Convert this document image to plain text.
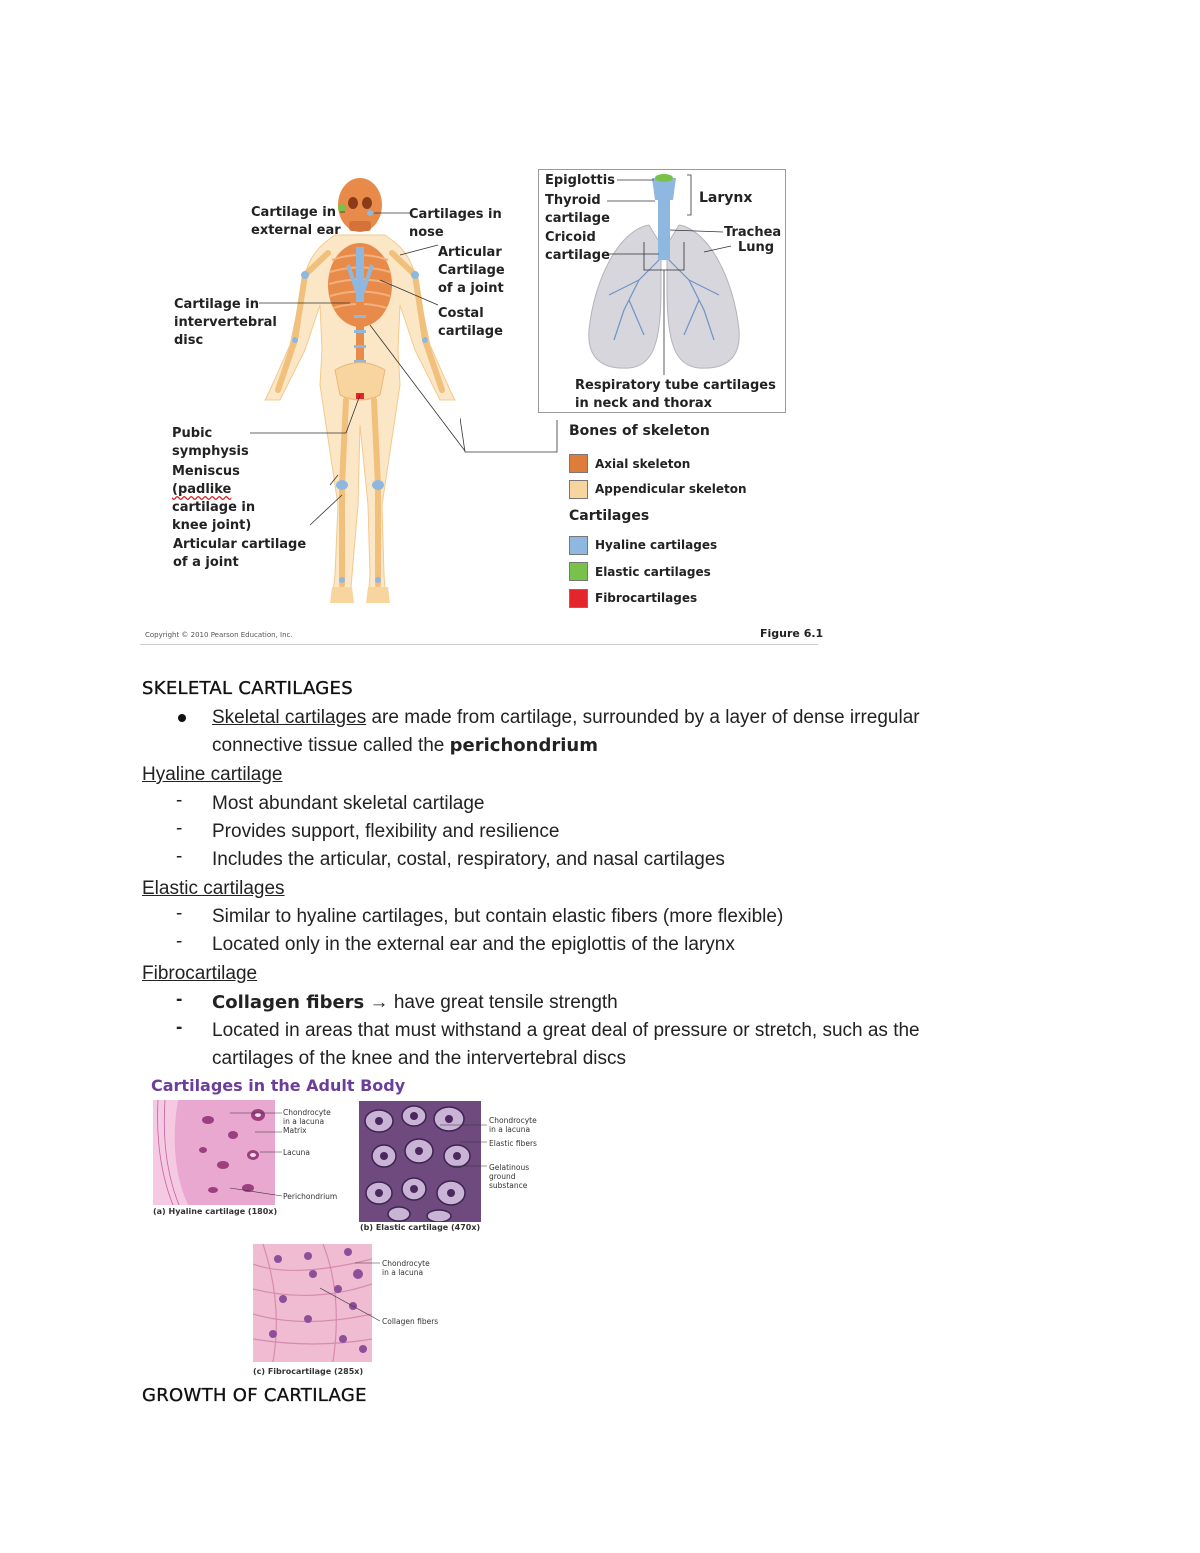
Cartilage in
external ear
Cartilages in
nose
Articular
Cartilage
of a joint
Costal
cartilage
Cartilage in
intervertebral
disc
Pubic
symphysis
Meniscus
(padlike
cartilage in
knee joint)
Articular cartilage
of a joint
Epiglottis
Thyroid
cartilage
Cricoid
cartilage
Larynx
Trachea
Lung
Respiratory tube cartilages
in neck and thorax
Bones of skeleton
Axial skeleton
Appendicular skeleton
Cartilages
Hyaline cartilages
Elastic cartilages
Fibrocartilages
Copyright © 2010 Pearson Education, Inc.	Figure 6.1
SKELETAL CARTILAGES
Skeletal cartilages are made from cartilage, surrounded by a layer of dense irregular
connective tissue called the perichondrium
Hyaline cartilage
- Most abundant skeletal cartilage
- Provides support, flexibility and resilience
- Includes the articular, costal, respiratory, and nasal cartilages
Elastic cartilages
- Similar to hyaline cartilages, but contain elastic fibers (more flexible)
- Located only in the external ear and the epiglottis of the larynx
Fibrocartilage
- Collagen fibers → have great tensile strength
- Located in areas that must withstand a great deal of pressure or stretch, such as the
cartilages of the knee and the intervertebral discs
Cartilages in the Adult Body
Chondrocyte
in a lacuna
Matrix
Lacuna
Perichondrium
(a) Hyaline cartilage (180x)
Chondrocyte
in a lacuna
Elastic fibers
Gelatinous
ground
substance
(b) Elastic cartilage (470x)
Chondrocyte
in a lacuna
Collagen fibers
(c) Fibrocartilage (285x)
GROWTH OF CARTILAGE
